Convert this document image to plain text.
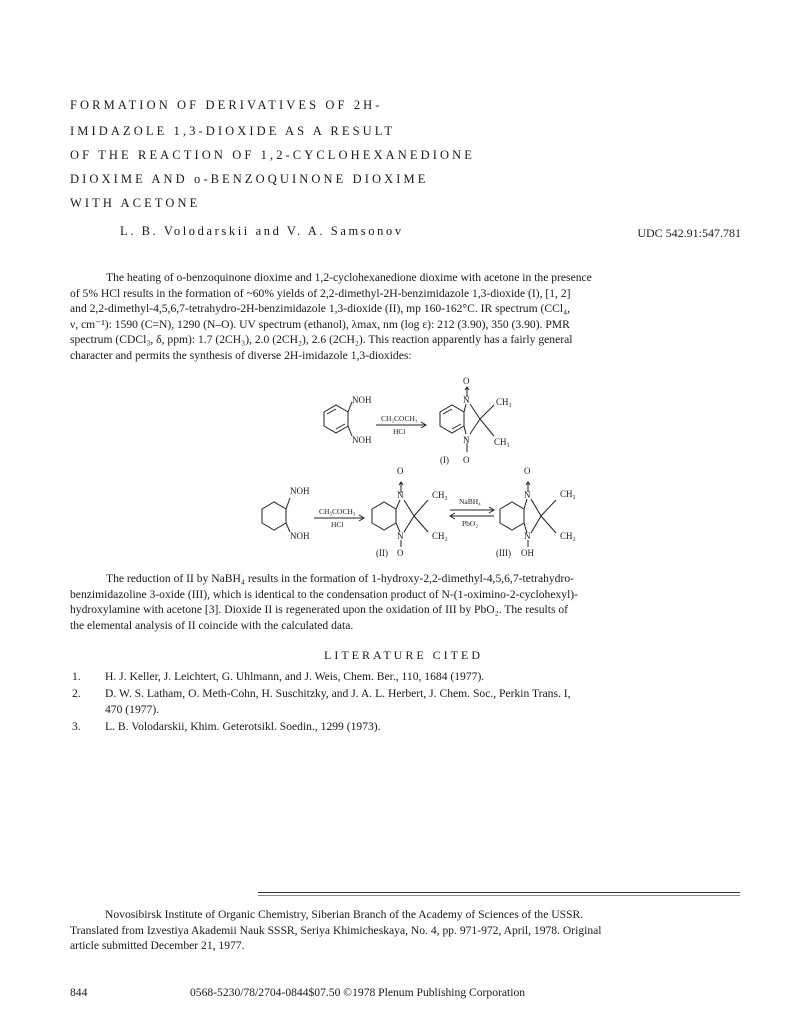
FORMATION OF DERIVATIVES OF 2H-
IMIDAZOLE 1,3-DIOXIDE AS A RESULT
OF THE REACTION OF 1,2-CYCLOHEXANEDIONE
DIOXIME AND o-BENZOQUINONE DIOXIME
WITH ACETONE
L. B. Volodarskii and V. A. Samsonov	UDC 542.91:547.781
The heating of o-benzoquinone dioxime and 1,2-cyclohexanedione dioxime with acetone in the presence
of 5% HCl results in the formation of ~60% yields of 2,2-dimethyl-2H-benzimidazole 1,3-dioxide (I), [1, 2]
and 2,2-dimethyl-4,5,6,7-tetrahydro-2H-benzimidazole 1,3-dioxide (II), mp 160-162°C. IR spectrum (CCl₄,
ν, cm⁻¹): 1590 (C=N), 1290 (N–O). UV spectrum (ethanol), λmax, nm (log ε): 212 (3.90), 350 (3.90). PMR
spectrum (CDCl₃, δ, ppm): 1.7 (2CH₃), 2.0 (2CH₂), 2.6 (2CH₂). This reaction apparently has a fairly general
character and permits the synthesis of diverse 2H-imidazole 1,3-dioxides:
NOH
NOH
CH₃COCH₃
HCl
O
N
N
O
CH₃
CH₃
(I)
NOH
NOH
CH₃COCH₃
HCl
O
N
N
O
CH₃
CH₃
(II)
NaBH₄
PbO₂
O
N
N
OH
CH₃
CH₃
(III)
The reduction of II by NaBH₄ results in the formation of 1-hydroxy-2,2-dimethyl-4,5,6,7-tetrahydro-
benzimidazoline 3-oxide (III), which is identical to the condensation product of N-(1-oximino-2-cyclohexyl)-
hydroxylamine with acetone [3]. Dioxide II is regenerated upon the oxidation of III by PbO₂. The results of
the elemental analysis of II coincide with the calculated data.
LITERATURE CITED
1. H. J. Keller, J. Leichtert, G. Uhlmann, and J. Weis, Chem. Ber., 110, 1684 (1977).
2. D. W. S. Latham, O. Meth-Cohn, H. Suschitzky, and J. A. L. Herbert, J. Chem. Soc., Perkin Trans. I,
470 (1977).
3. L. B. Volodarskii, Khim. Geterotsikl. Soedin., 1299 (1973).
Novosibirsk Institute of Organic Chemistry, Siberian Branch of the Academy of Sciences of the USSR.
Translated from Izvestiya Akademii Nauk SSSR, Seriya Khimicheskaya, No. 4, pp. 971-972, April, 1978. Original
article submitted December 21, 1977.
844	0568-5230/78/2704-0844$07.50 ©1978 Plenum Publishing Corporation
